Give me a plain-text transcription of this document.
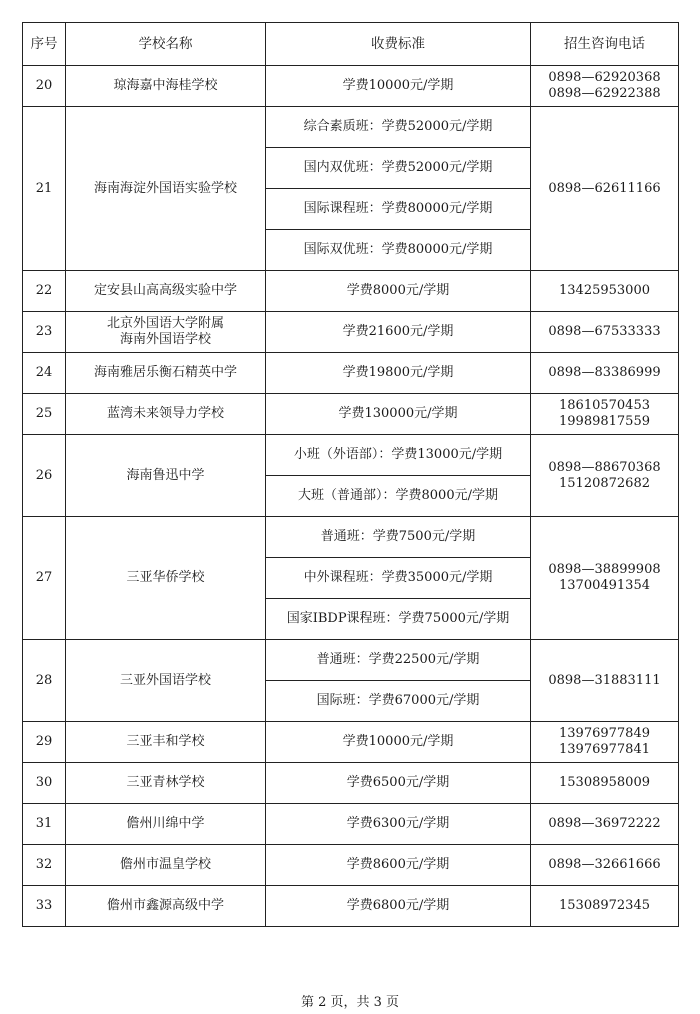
序号	学校名称	收费标准	招生咨询电话
20	琼海嘉中海桂学校	学费10000元/学期	0898—62920368
0898—62922388

21	海南海淀外国语实验学校	综合素质班：学费52000元/学期	0898—62611166

		国内双优班：学费52000元/学期	
		国际课程班：学费80000元/学期	
		国际双优班：学费80000元/学期	
22	定安县山高高级实验中学	学费8000元/学期	13425953000

23	北京外国语大学附属
海南外国语学校	学费21600元/学期	0898—67533333

24	海南雅居乐衡石精英中学	学费19800元/学期	0898—83386999

25	蓝湾未来领导力学校	学费130000元/学期	18610570453
19989817559

26	海南鲁迅中学	小班（外语部）：学费13000元/学期	0898—88670368
15120872682

		大班（普通部）：学费8000元/学期	
27	三亚华侨学校	普通班：学费7500元/学期	0898—38899908
13700491354

		中外课程班：学费35000元/学期	
		国家IBDP课程班：学费75000元/学期	
28	三亚外国语学校	普通班：学费22500元/学期	0898—31883111

		国际班：学费67000元/学期	
29	三亚丰和学校	学费10000元/学期	13976977849
13976977841

30	三亚青林学校	学费6500元/学期	15308958009

31	儋州川绵中学	学费6300元/学期	0898—36972222

32	儋州市温皇学校	学费8600元/学期	0898—32661666

33	儋州市鑫源高级中学	学费6800元/学期	15308972345
第 2 页，共 3 页
